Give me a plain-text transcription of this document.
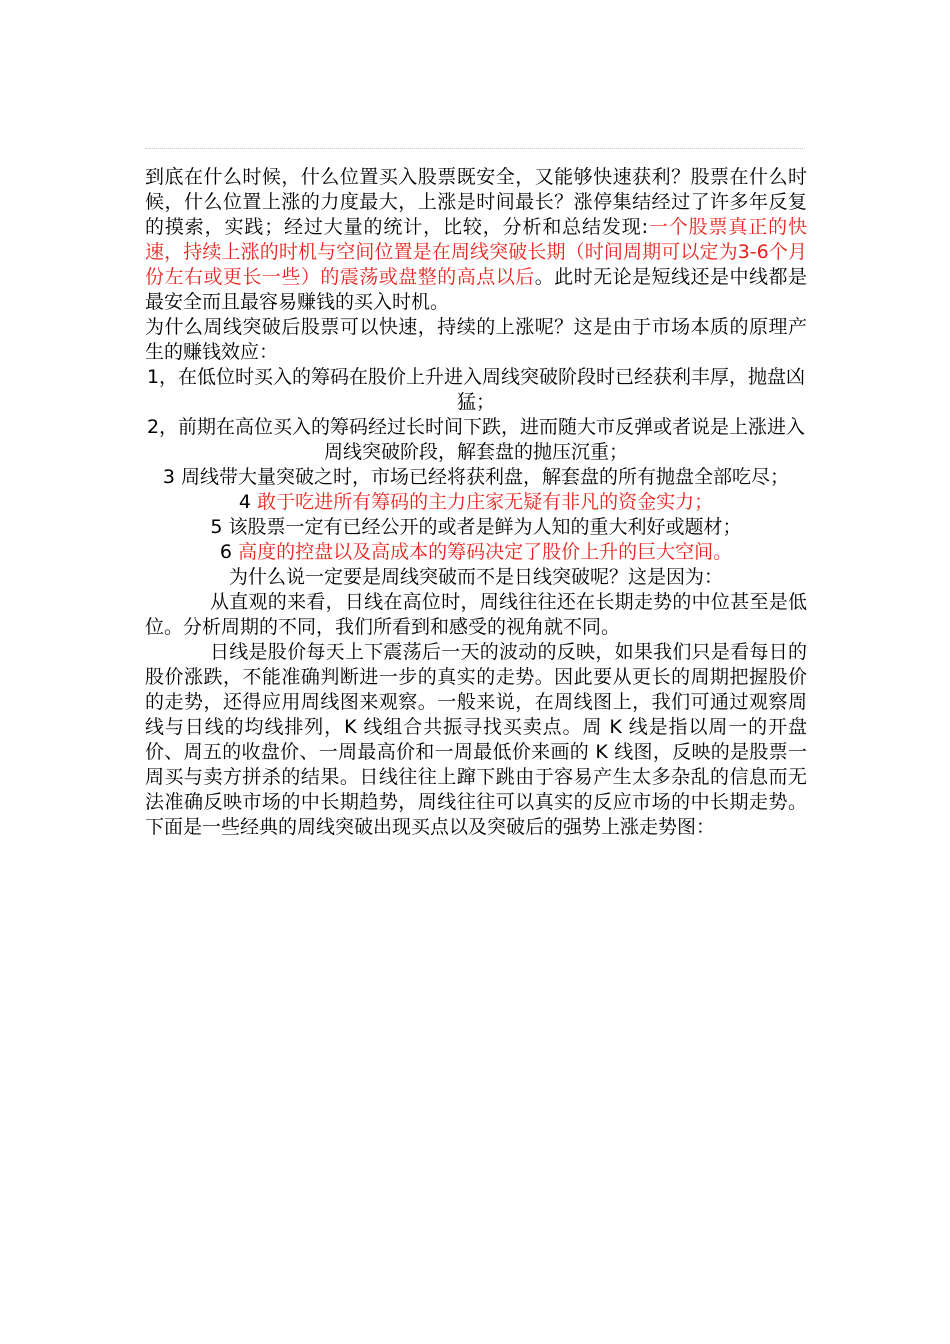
到底在什么时候，什么位置买入股票既安全，又能够快速获利？股票在什么时候，什么位置上涨的力度最大，上涨是时间最长？涨停集结经过了许多年反复的摸索，实践；经过大量的统计，比较，分析和总结发现:一个股票真正的快速，持续上涨的时机与空间位置是在周线突破长期（时间周期可以定为3-6个月份左右或更长一些）的震荡或盘整的高点以后。此时无论是短线还是中线都是最安全而且最容易赚钱的买入时机。

为什么周线突破后股票可以快速，持续的上涨呢？这是由于市场本质的原理产生的赚钱效应：

1，在低位时买入的筹码在股价上升进入周线突破阶段时已经获利丰厚，抛盘凶猛；

2，前期在高位买入的筹码经过长时间下跌，进而随大市反弹或者说是上涨进入周线突破阶段，解套盘的抛压沉重；

3 周线带大量突破之时，市场已经将获利盘，解套盘的所有抛盘全部吃尽；

4 敢于吃进所有筹码的主力庄家无疑有非凡的资金实力；

5 该股票一定有已经公开的或者是鲜为人知的重大利好或题材；

6 高度的控盘以及高成本的筹码决定了股价上升的巨大空间。

为什么说一定要是周线突破而不是日线突破呢？这是因为：

从直观的来看，日线在高位时，周线往往还在长期走势的中位甚至是低位。分析周期的不同，我们所看到和感受的视角就不同。

日线是股价每天上下震荡后一天的波动的反映，如果我们只是看每日的股价涨跌，不能准确判断进一步的真实的走势。因此要从更长的周期把握股价的走势，还得应用周线图来观察。一般来说，在周线图上，我们可通过观察周线与日线的均线排列，K 线组合共振寻找买卖点。周 K 线是指以周一的开盘价、周五的收盘价、一周最高价和一周最低价来画的 K 线图，反映的是股票一周买与卖方拼杀的结果。日线往往上蹿下跳由于容易产生太多杂乱的信息而无法准确反映市场的中长期趋势，周线往往可以真实的反应市场的中长期走势。下面是一些经典的周线突破出现买点以及突破后的强势上涨走势图：
